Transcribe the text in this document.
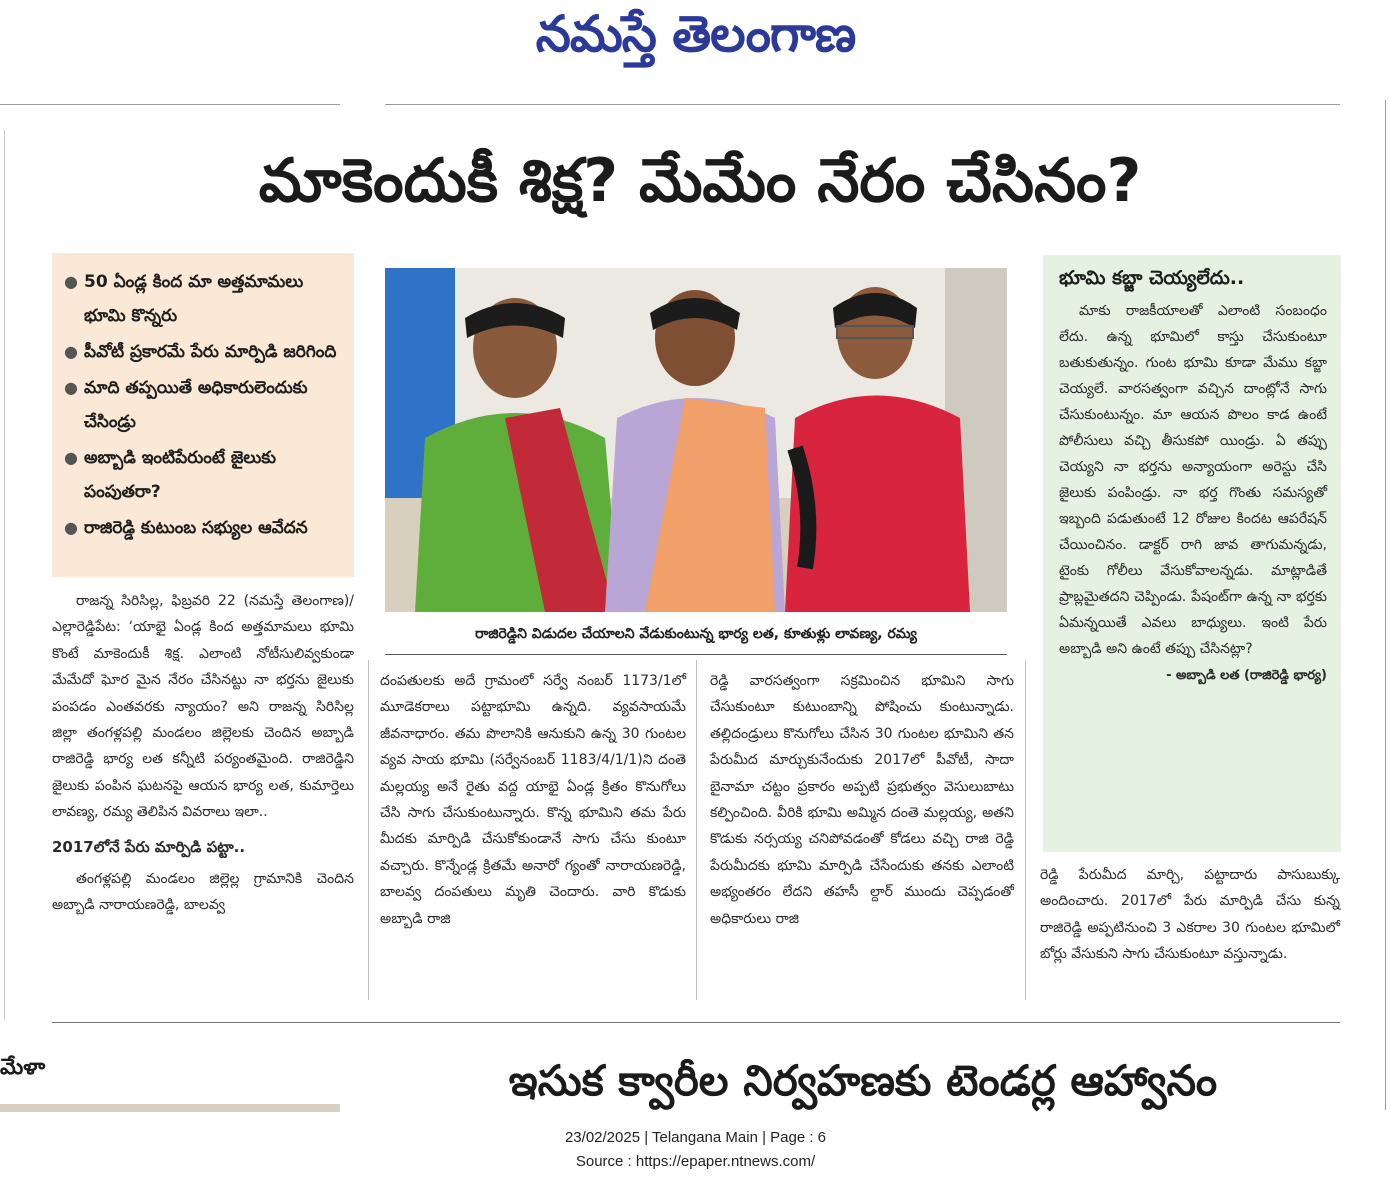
నమస్తే తెలంగాణ
మాకెందుకీ శిక్ష? మేమేం నేరం చేసినం?
● 50 ఏండ్ల కింద మా అత్తమామలు భూమి కొన్నరు
● పీవోటీ ప్రకారమే పేరు మార్పిడి జరిగింది
● మాది తప్పయితే అధికారులెందుకు చేసిండ్రు
● అబ్బాడి ఇంటిపేరుంటే జైలుకు పంపుతరా?
● రాజిరెడ్డి కుటుంబ సభ్యుల ఆవేదన
రాజిరెడ్డిని విడుదల చేయాలని వేడుకుంటున్న భార్య లత, కూతుళ్లు లావణ్య, రమ్య

రాజన్న సిరిసిల్ల, ఫిబ్రవరి 22 (నమస్తే తెలంగాణ)/ఎల్లారెడ్డిపేట: ‘యాభై ఏండ్ల కింద అత్తమామలు భూమి కొంటే మాకెందుకీ శిక్ష. ఎలాంటి నోటీసులివ్వకుండా మేమేదో ఘోర మైన నేరం చేసినట్టు నా భర్తను జైలుకు పంపడం ఎంతవరకు న్యాయం? అని రాజన్న సిరిసిల్ల జిల్లా తంగళ్లపల్లి మండలం జిల్లెలకు చెందిన అబ్బాడి రాజిరెడ్డి భార్య లత కన్నీటి పర్యంతమైంది. రాజిరెడ్డిని జైలుకు పంపిన ఘటనపై ఆయన భార్య లత, కుమార్తెలు లావణ్య, రమ్య తెలిపిన వివరాలు ఇలా..

2017లోనే పేరు మార్పిడి పట్టా..

తంగళ్లపల్లి మండలం జిల్లెల్ల గ్రామానికి చెందిన అబ్బాడి నారాయణరెడ్డి, బాలవ్వ

దంపతులకు అదే గ్రామంలో సర్వే నంబర్ 1173/1లో మూడెకరాలు పట్టాభూమి ఉన్నది. వ్యవసాయమే జీవనాధారం. తమ పొలానికి ఆనుకుని ఉన్న 30 గుంటల వ్యవ సాయ భూమి (సర్వేనంబర్ 1183/4/1/1)ని దంతె మల్లయ్య అనే రైతు వద్ద యాభై ఏండ్ల క్రితం కొనుగోలు చేసి సాగు చేసుకుంటున్నారు. కొన్న భూమిని తమ పేరు మీదకు మార్పిడి చేసుకోకుండానే సాగు చేసు కుంటూ వచ్చారు. కొన్నేండ్ల క్రితమే అనారో గ్యంతో నారాయణరెడ్డి, బాలవ్వ దంపతులు మృతి చెందారు. వారి కొడుకు అబ్బాడి రాజి

రెడ్డి వారసత్వంగా సక్రమించిన భూమిని సాగు చేసుకుంటూ కుటుంబాన్ని పోషించు కుంటున్నాడు. తల్లిదండ్రులు కొనుగోలు చేసిన 30 గుంటల భూమిని తన పేరుమీద మార్చుకునేందుకు 2017లో పీవోటీ, సాదా బైనామా చట్టం ప్రకారం అప్పటి ప్రభుత్వం వెసులుబాటు కల్పించింది. వీరికి భూమి అమ్మిన దంతె మల్లయ్య, అతని కొడుకు నర్సయ్య చనిపోవడంతో కోడలు వచ్చి రాజి రెడ్డి పేరుమీదకు భూమి మార్పిడి చేసేందుకు తనకు ఎలాంటి అభ్యంతరం లేదని తహసీ ల్దార్ ముందు చెప్పడంతో అధికారులు రాజి

భూమి కబ్జా చెయ్యలేదు..

మాకు రాజకీయాలతో ఎలాంటి సంబంధం లేదు. ఉన్న భూమిలో కాస్తు చేసుకుంటూ బతుకుతున్నం. గుంట భూమి కూడా మేము కబ్జా చెయ్యలే. వారసత్వంగా వచ్చిన దాంట్లోనే సాగు చేసుకుంటున్నం. మా ఆయన పొలం కాడ ఉంటే పోలీసులు వచ్చి తీసుకపో యిండ్రు. ఏ తప్పు చెయ్యని నా భర్తను అన్యాయంగా అరెస్టు చేసి జైలుకు పంపిండ్రు. నా భర్త గొంతు సమస్యతో ఇబ్బంది పడుతుంటే 12 రోజుల కిందట ఆపరేషన్ చేయించినం. డాక్టర్ రాగి జావ తాగుమన్నడు, టైంకు గోలీలు వేసుకోవాలన్నడు. మాట్లాడితే ప్రాబ్లమైతదని చెప్పిండు. పేషంట్‌గా ఉన్న నా భర్తకు ఏమన్నయితే ఎవలు బాధ్యులు. ఇంటి పేరు అబ్బాడి అని ఉంటే తప్పు చేసినట్లా?

- అబ్బాడి లత (రాజిరెడ్డి భార్య)

రెడ్డి పేరుమీద మార్చి, పట్టాదారు పాసుబుక్కు అందించారు. 2017లో పేరు మార్పిడి చేసు కున్న రాజిరెడ్డి అప్పటినుంచి 3 ఎకరాల 30 గుంటల భూమిలో బోర్లు వేసుకుని సాగు చేసుకుంటూ వస్తున్నాడు.

మేళా	ఇసుక క్వారీల నిర్వహణకు టెండర్ల ఆహ్వానం
23/02/2025 | Telangana Main | Page : 6
Source : https://epaper.ntnews.com/
